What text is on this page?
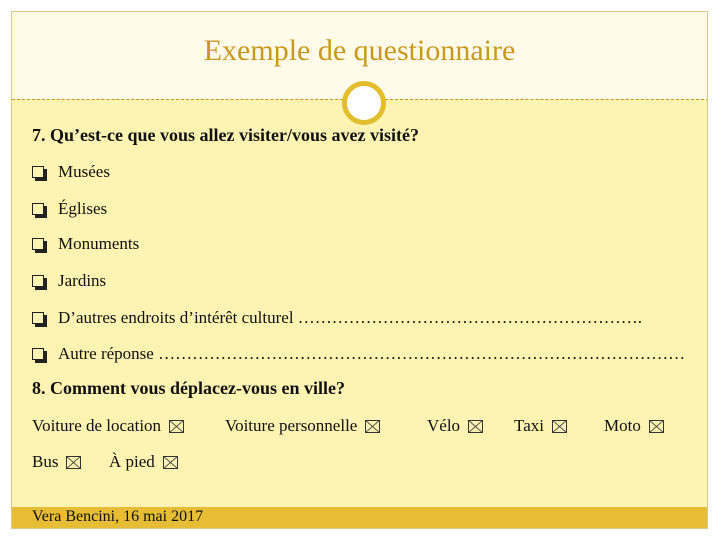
Exemple de questionnaire
7. Qu’est-ce que vous allez visiter/vous avez visité?
Musées
Églises
Monuments
Jardins
D’autres endroits d’intérêt culturel …………………………………………………….
Autre réponse …………………………………………………………………………………
8. Comment vous déplacez-vous en ville?
Voiture de location	Voiture personnelle	Vélo	Taxi	Moto
Bus	À pied
Vera Bencini, 16 mai 2017
